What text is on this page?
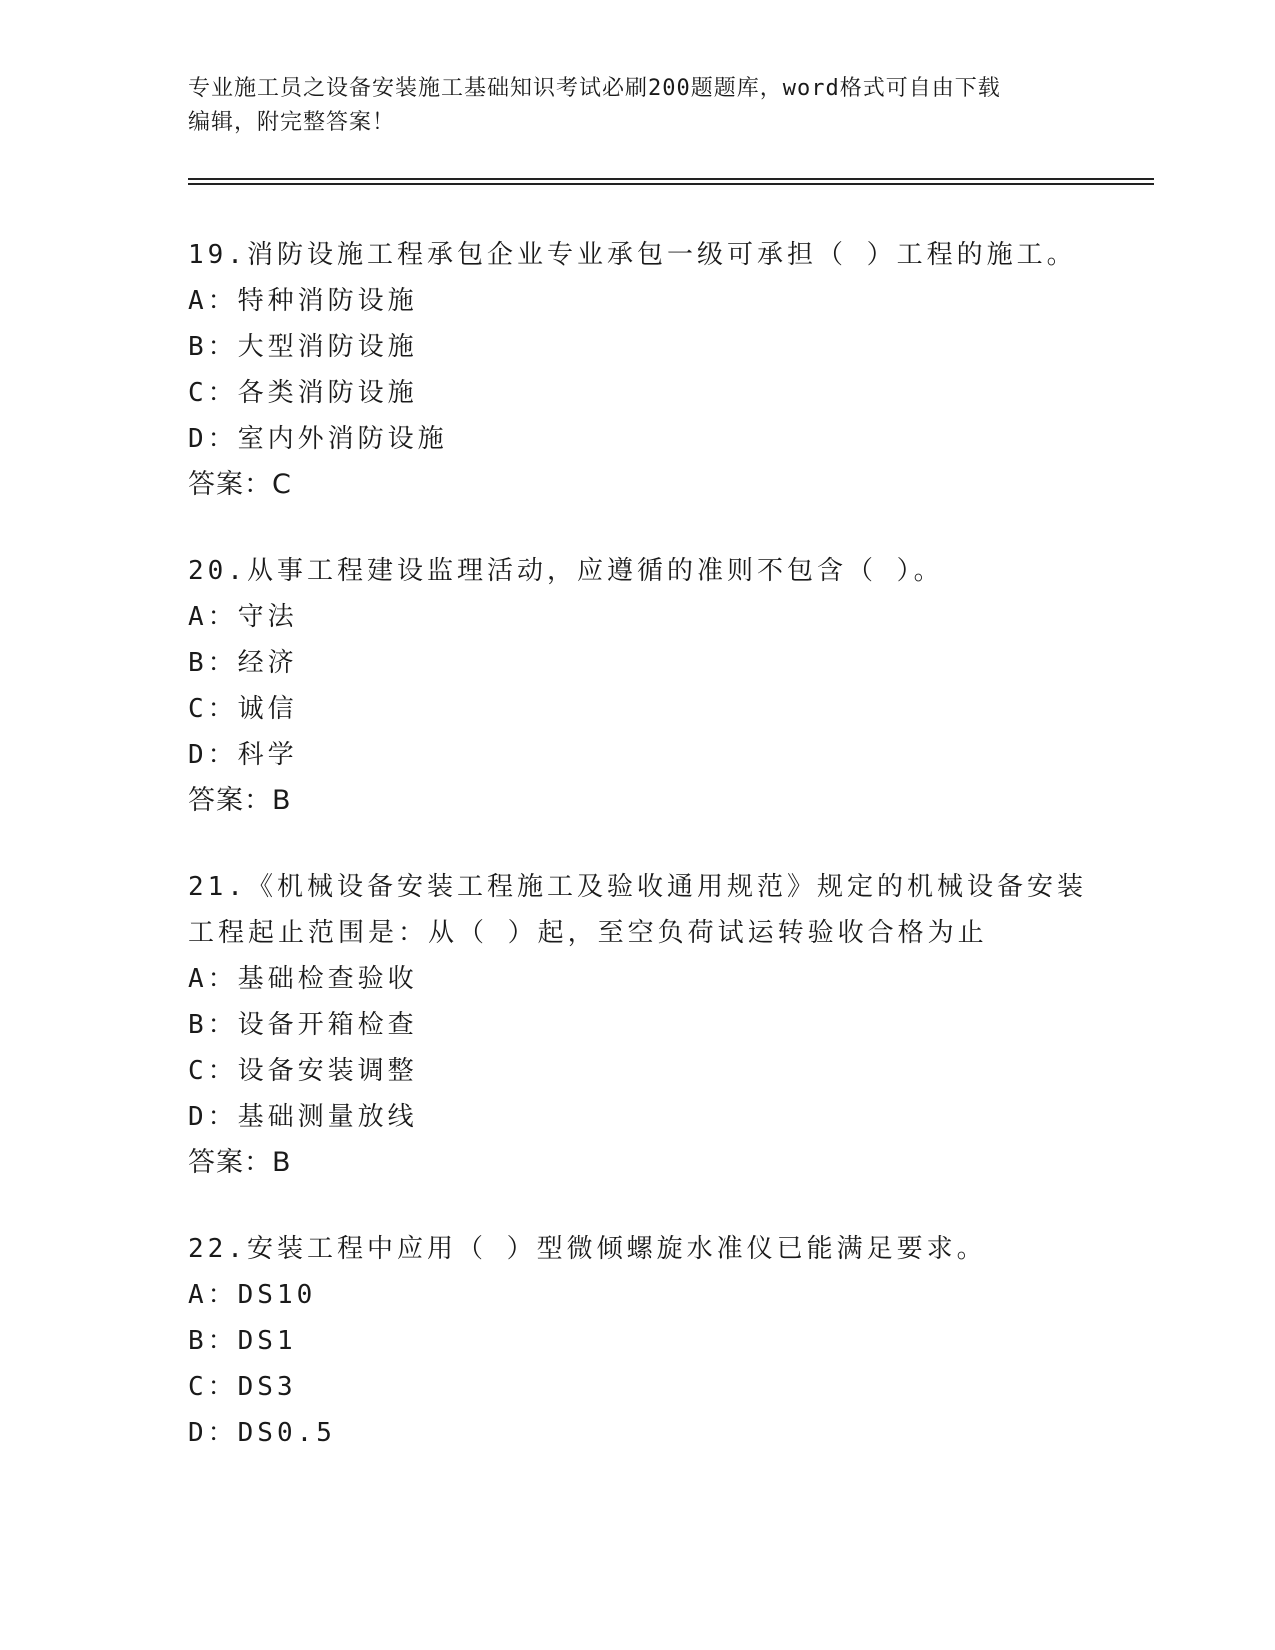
专业施工员之设备安装施工基础知识考试必刷200题题库，word格式可自由下载
编辑，附完整答案！

19.消防设施工程承包企业专业承包一级可承担（ ）工程的施工。

A：特种消防设施

B：大型消防设施

C：各类消防设施

D：室内外消防设施

答案：C

20.从事工程建设监理活动，应遵循的准则不包含（ ）。

A：守法

B：经济

C：诚信

D：科学

答案：B

21.《机械设备安装工程施工及验收通用规范》规定的机械设备安装工程起止范围是：从（ ）起，至空负荷试运转验收合格为止

A：基础检查验收

B：设备开箱检查

C：设备安装调整

D：基础测量放线

答案：B

22.安装工程中应用（ ）型微倾螺旋水准仪已能满足要求。

A：DS10

B：DS1

C：DS3

D：DS0.5
